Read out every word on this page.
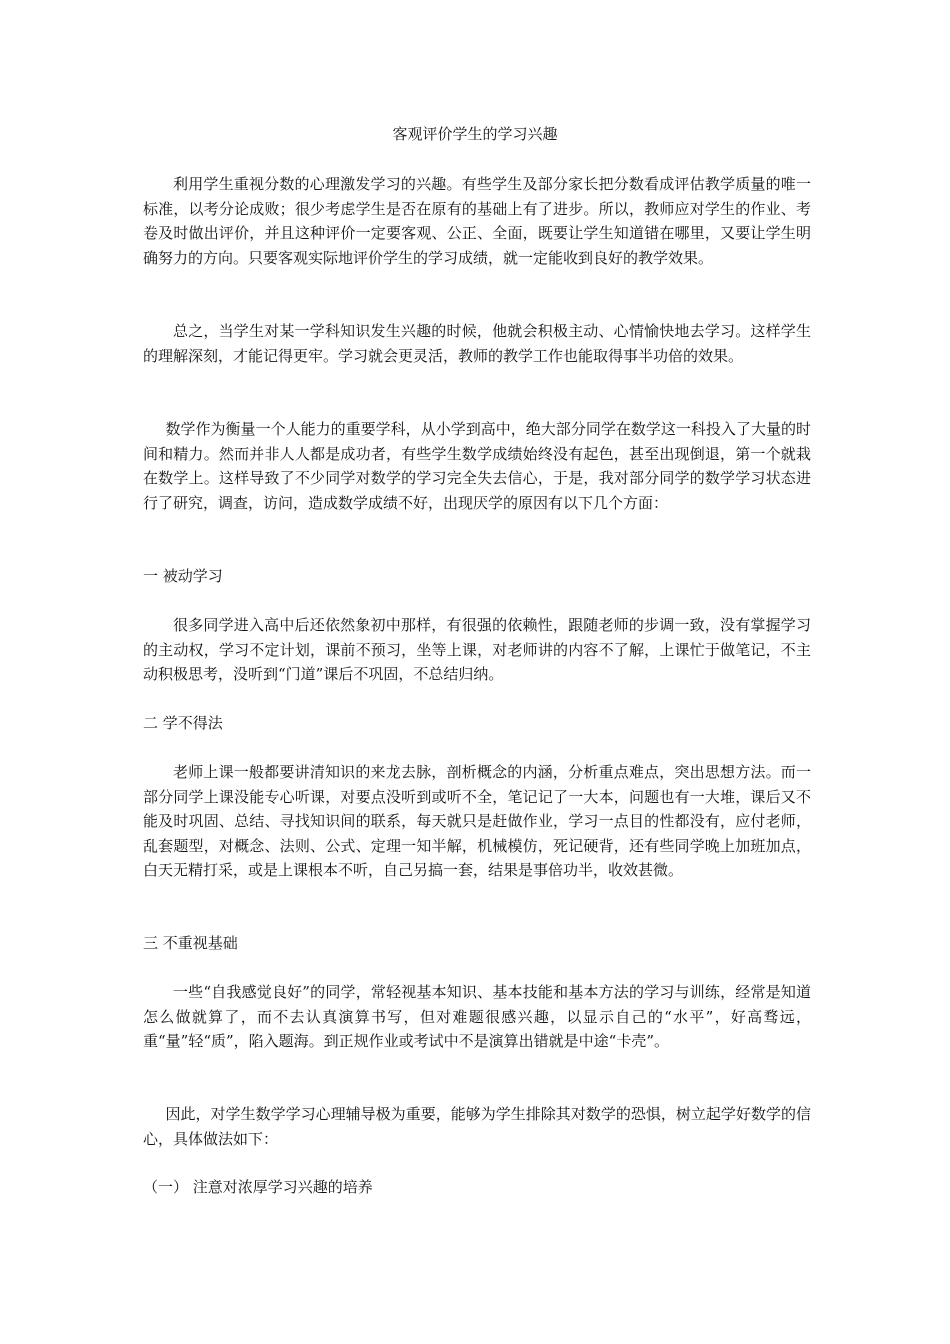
客观评价学生的学习兴趣

利用学生重视分数的心理激发学习的兴趣。有些学生及部分家长把分数看成评估教学质量的唯一标准，以考分论成败；很少考虑学生是否在原有的基础上有了进步。所以，教师应对学生的作业、考卷及时做出评价，并且这种评价一定要客观、公正、全面，既要让学生知道错在哪里，又要让学生明确努力的方向。只要客观实际地评价学生的学习成绩，就一定能收到良好的教学效果。

总之，当学生对某一学科知识发生兴趣的时候，他就会积极主动、心情愉快地去学习。这样学生的理解深刻，才能记得更牢。学习就会更灵活，教师的教学工作也能取得事半功倍的效果。

数学作为衡量一个人能力的重要学科，从小学到高中，绝大部分同学在数学这一科投入了大量的时间和精力。然而并非人人都是成功者，有些学生数学成绩始终没有起色，甚至出现倒退，第一个就栽在数学上。这样导致了不少同学对数学的学习完全失去信心，于是，我对部分同学的数学学习状态进行了研究，调查，访问，造成数学成绩不好，出现厌学的原因有以下几个方面：

一 被动学习

很多同学进入高中后还依然象初中那样，有很强的依赖性，跟随老师的步调一致，没有掌握学习的主动权，学习不定计划，课前不预习，坐等上课，对老师讲的内容不了解，上课忙于做笔记，不主动积极思考，没听到“门道”课后不巩固，不总结归纳。

二 学不得法

老师上课一般都要讲清知识的来龙去脉，剖析概念的内涵，分析重点难点，突出思想方法。而一部分同学上课没能专心听课，对要点没听到或听不全，笔记记了一大本，问题也有一大堆，课后又不能及时巩固、总结、寻找知识间的联系，每天就只是赶做作业，学习一点目的性都没有，应付老师，乱套题型，对概念、法则、公式、定理一知半解，机械模仿，死记硬背，还有些同学晚上加班加点，白天无精打采，或是上课根本不听，自己另搞一套，结果是事倍功半，收效甚微。

三 不重视基础

一些“自我感觉良好”的同学，常轻视基本知识、基本技能和基本方法的学习与训练，经常是知道怎么做就算了，而不去认真演算书写，但对难题很感兴趣，以显示自己的“水平”，好高骛远，重“量”轻“质”，陷入题海。到正规作业或考试中不是演算出错就是中途“卡壳”。

因此，对学生数学学习心理辅导极为重要，能够为学生排除其对数学的恐惧，树立起学好数学的信心，具体做法如下：

（一） 注意对浓厚学习兴趣的培养
